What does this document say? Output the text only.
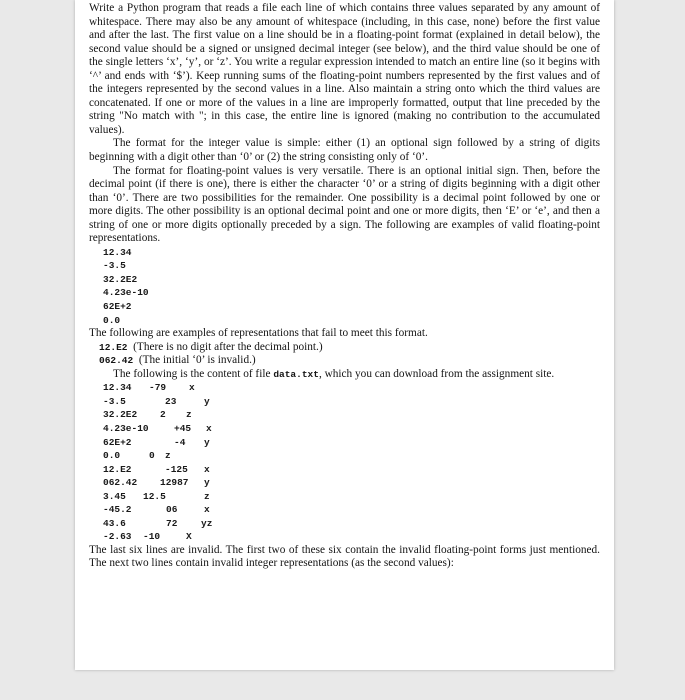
Write a Python program that reads a file each line of which contains three values separated by any amount of whitespace. There may also be any amount of whitespace (including, in this case, none) before the first value and after the last. The first value on a line should be in a floating-point format (explained in detail below), the second value should be a signed or unsigned decimal integer (see below), and the third value should be one of the single letters ‘x’, ‘y’, or ‘z’. You write a regular expression intended to match an entire line (so it begins with ‘^’ and ends with ‘$’). Keep running sums of the floating-point numbers represented by the first values and of the integers represented by the second values in a line. Also maintain a string onto which the third values are concatenated. If one or more of the values in a line are improperly formatted, output that line preceded by the string "No match with "; in this case, the entire line is ignored (making no contribution to the accumulated values).

The format for the integer value is simple: either (1) an optional sign followed by a string of digits beginning with a digit other than ‘0’ or (2) the string consisting only of ‘0’.

The format for floating-point values is very versatile. There is an optional initial sign. Then, before the decimal point (if there is one), there is either the character ‘0’ or a string of digits beginning with a digit other than ‘0’. There are two possibilities for the remainder. One possibility is a decimal point followed by one or more digits. The other possibility is an optional decimal point and one or more digits, then ‘E’ or ‘e’, and then a string of one or more digits optionally preceded by a sign. The following are examples of valid floating-point representations.

12.34
-3.5
32.2E2
4.23e-10
62E+2
0.0

The following are examples of representations that fail to meet this format.

12.E2 (There is no digit after the decimal point.)
062.42 (The initial ‘0’ is invalid.)

The following is the content of file data.txt, which you can download from the assignment site.

12.34 -79 x
-3.5	23	y
32.2E2 2 z
4.23e-10	+45 x
62E+2	-4 y
0.0	0 z
12.E2	-125 x
062.42 12987 y
3.45 12.5	z
-45.2	06	x
43.6	72 yz
-2.63 -10	X

The last six lines are invalid. The first two of these six contain the invalid floating-point forms just mentioned. The next two lines contain invalid integer representations (as the second values):
